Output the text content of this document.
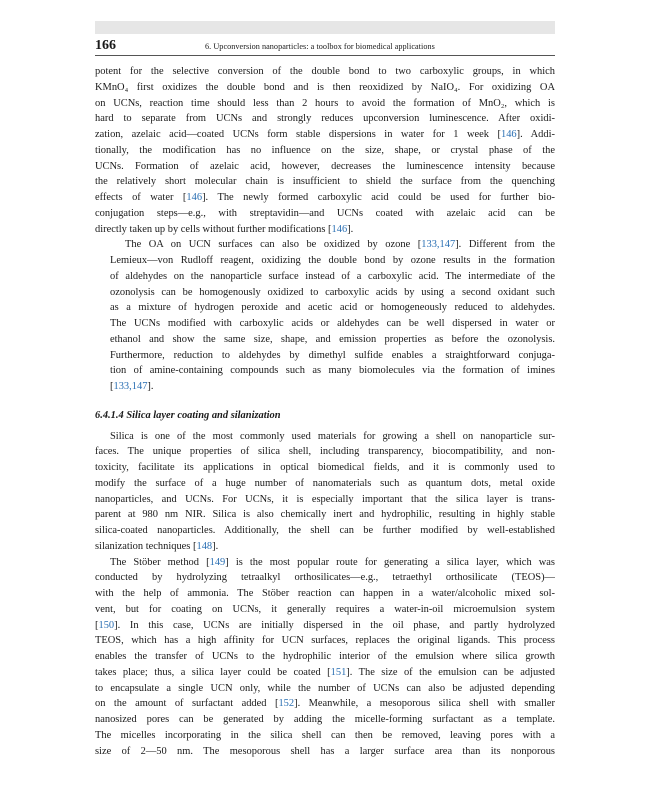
166	6. Upconversion nanoparticles: a toolbox for biomedical applications

potent for the selective conversion of the double bond to two carboxylic groups, in which
KMnO₄ first oxidizes the double bond and is then reoxidized by NaIO₄. For oxidizing OA
on UCNs, reaction time should less than 2 hours to avoid the formation of MnO₂, which is
hard to separate from UCNs and strongly reduces upconversion luminescence. After oxidi-
zation, azelaic acid—coated UCNs form stable dispersions in water for 1 week [146]. Addi-
tionally, the modification has no influence on the size, shape, or crystal phase of the
UCNs. Formation of azelaic acid, however, decreases the luminescence intensity because
the relatively short molecular chain is insufficient to shield the surface from the quenching
effects of water [146]. The newly formed carboxylic acid could be used for further bio-
conjugation steps—e.g., with streptavidin—and UCNs coated with azelaic acid can be
directly taken up by cells without further modifications [146].

The OA on UCN surfaces can also be oxidized by ozone [133,147]. Different from the
Lemieux—von Rudloff reagent, oxidizing the double bond by ozone results in the formation
of aldehydes on the nanoparticle surface instead of a carboxylic acid. The intermediate of the
ozonolysis can be homogenously oxidized to carboxylic acids by using a second oxidant such
as a mixture of hydrogen peroxide and acetic acid or homogeneously reduced to aldehydes.
The UCNs modified with carboxylic acids or aldehydes can be well dispersed in water or
ethanol and show the same size, shape, and emission properties as before the ozonolysis.
Furthermore, reduction to aldehydes by dimethyl sulfide enables a straightforward conjuga-
tion of amine-containing compounds such as many biomolecules via the formation of imines
[133,147].

6.4.1.4 Silica layer coating and silanization

Silica is one of the most commonly used materials for growing a shell on nanoparticle sur-
faces. The unique properties of silica shell, including transparency, biocompatibility, and non-
toxicity, facilitate its applications in optical biomedical fields, and it is commonly used to
modify the surface of a huge number of nanomaterials such as quantum dots, metal oxide
nanoparticles, and UCNs. For UCNs, it is especially important that the silica layer is trans-
parent at 980 nm NIR. Silica is also chemically inert and hydrophilic, resulting in highly stable
silica-coated nanoparticles. Additionally, the shell can be further modified by well-established
silanization techniques [148].

The Stöber method [149] is the most popular route for generating a silica layer, which was
conducted by hydrolyzing tetraalkyl orthosilicates—e.g., tetraethyl orthosilicate (TEOS)—
with the help of ammonia. The Stöber reaction can happen in a water/alcoholic mixed sol-
vent, but for coating on UCNs, it generally requires a water-in-oil microemulsion system
[150]. In this case, UCNs are initially dispersed in the oil phase, and partly hydrolyzed
TEOS, which has a high affinity for UCN surfaces, replaces the original ligands. This process
enables the transfer of UCNs to the hydrophilic interior of the emulsion where silica growth
takes place; thus, a silica layer could be coated [151]. The size of the emulsion can be adjusted
to encapsulate a single UCN only, while the number of UCNs can also be adjusted depending
on the amount of surfactant added [152]. Meanwhile, a mesoporous silica shell with smaller
nanosized pores can be generated by adding the micelle-forming surfactant as a template.
The micelles incorporating in the silica shell can then be removed, leaving pores with a
size of 2—50 nm. The mesoporous shell has a larger surface area than its nonporous
